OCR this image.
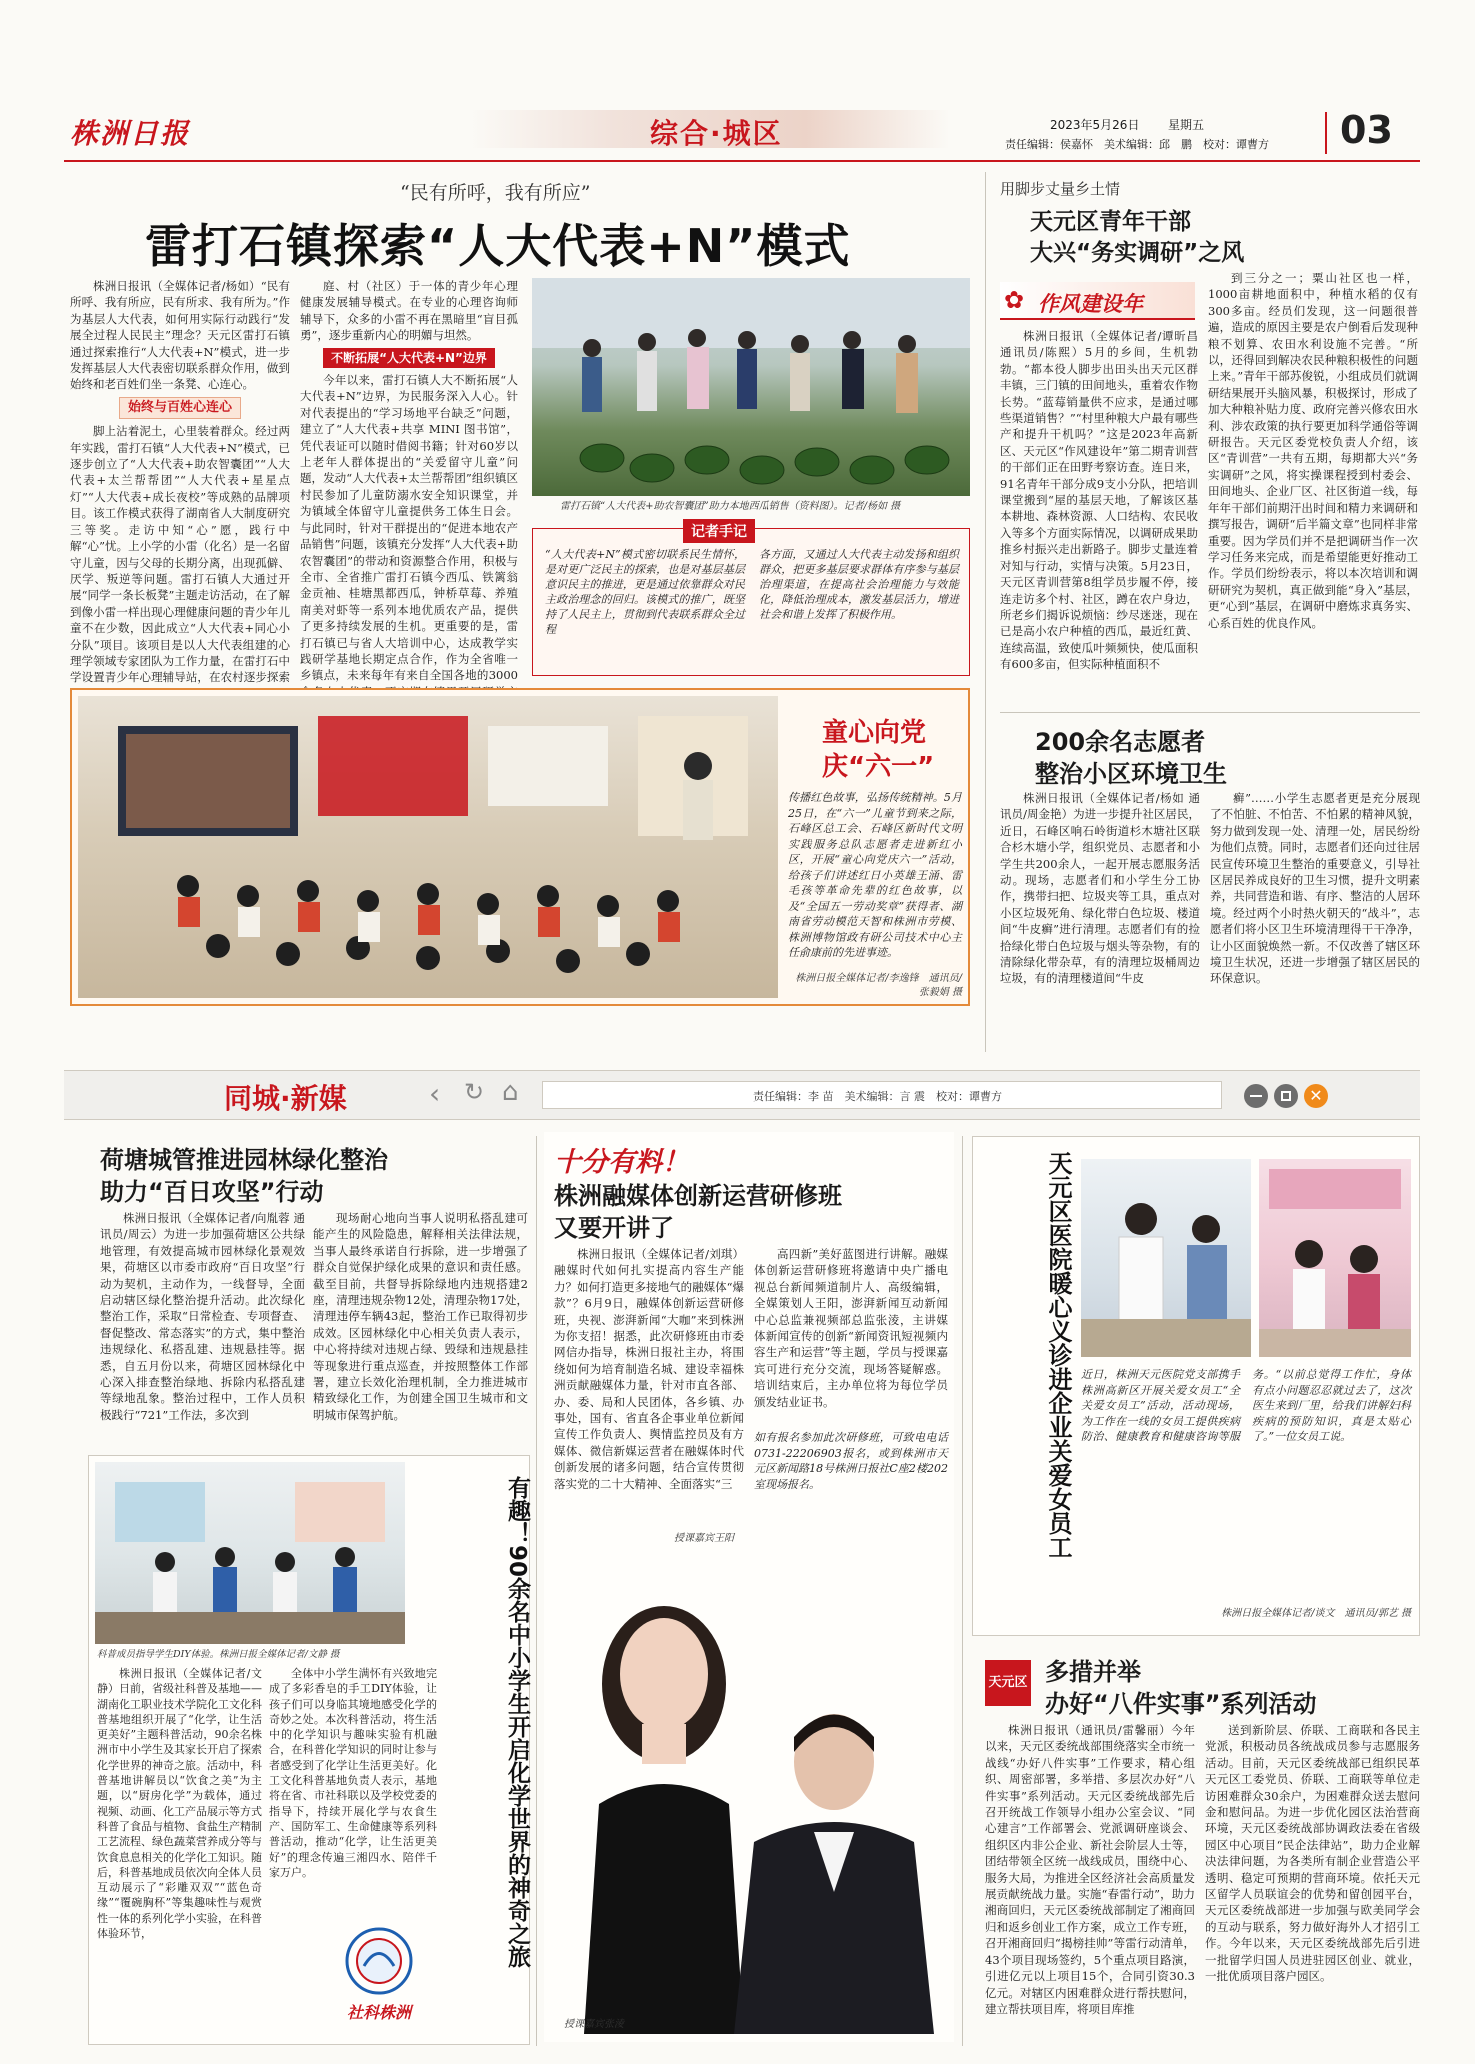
株洲日报	综合·城区	2023年5月26日 星期五
责任编辑：侯嘉怀　美术编辑：邱　鹏　校对：谭曹方 03
“民有所呼，我有所应”
雷打石镇探索“人大代表+N”模式

株洲日报讯（全媒体记者/杨如）“民有所呼、我有所应，民有所求、我有所为。”作为基层人大代表，如何用实际行动践行“发展全过程人民民主”理念？天元区雷打石镇通过探索推行“人大代表+N”模式，进一步发挥基层人大代表密切联系群众作用，做到始终和老百姓们坐一条凳、心连心。

始终与百姓心连心

脚上沾着泥土，心里装着群众。经过两年实践，雷打石镇“人大代表+N”模式，已逐步创立了“人大代表+助农智囊团”“人大代表+太兰帮帮团”“人大代表+星星点灯”“人大代表+成长夜校”等成熟的品牌项目。该工作模式获得了湖南省人大制度研究三等奖。走访中知“心”愿，践行中解“心”忧。上小学的小雷（化名）是一名留守儿童，因与父母的长期分离，出现孤僻、厌学、叛逆等问题。雷打石镇人大通过开展“同学一条长板凳”主题走访活动，在了解到像小雷一样出现心理健康问题的青少年儿童不在少数，因此成立“人大代表+同心小分队”项目。该项目是以人大代表组建的心理学领域专家团队为工作力量，在雷打石中学设置青少年心理辅导站，在农村逐步探索

庭、村（社区）于一体的青少年心理健康发展辅导模式。在专业的心理咨询师辅导下，众多的小雷不再在黑暗里“盲目孤勇”，逐步重新内心的明媚与坦然。

不断拓展“人大代表+N”边界

今年以来，雷打石镇人大不断拓展“人大代表+N”边界，为民服务深入人心。针对代表提出的“学习场地平台缺乏”问题，建立了“人大代表+共享 MINI 图书馆”，凭代表证可以随时借阅书籍；针对60岁以上老年人群体提出的“关爱留守儿童”问题，发动“人大代表+太兰帮帮团”组织镇区村民参加了儿童防溺水安全知识课堂，并为镇域全体留守儿童提供务工体生日会。与此同时，针对干群提出的“促进本地农产品销售”问题，该镇充分发挥“人大代表+助农智囊团”的带动和资源整合作用，积极与全市、全省推广雷打石镇今西瓜、铁篱翁金贡袖、桂塘黑都西瓜，钟桥草莓、养殖南美对虾等一系列本地优质农产品，提供了更多持续发展的生机。更重要的是，雷打石镇已与省人大培训中心，达成教学实践研学基地长期定点合作，作为全省唯一乡镇点，未来每年有来自全国各地的3000

雷打石镇“人大代表+助农智囊团”助力本地西瓜销售（资料图）。记者/杨如 摄
记者手记
“人大代表+N”模式密切联系民生情怀，是对更广泛民主的探索，也是对基层基层意识民主的推进，更是通过依靠群众对民主政治理念的回归。该模式的推广，既坚持了人民主上，贯彻到代表联系群众全过程
各方面，又通过人大代表主动发扬和组织群众，把更多基层要求群体有序参与基层治理渠道，在提高社会治理能力与效能化，降低治理成本，激发基层活力，增进社会和谐上发挥了积极作用。
用脚步丈量乡土情
天元区青年干部
大兴“务实调研”之风
✿ 作风建设年

株洲日报讯（全媒体记者/谭昕昌 通讯员/陈熙）5月的乡间，生机勃勃。“都本役人脚步出田头出天元区群丰镇，三门镇的田间地头，重着农作物长势。“蓝莓销量供不应求，是通过哪些渠道销售？”“村里种粮大户最有哪些产和提升干机吗？”这是2023年高新区、天元区“作风建设年”第二期青训营的干部们正在田野考察访查。连日来，91名青年干部分成9支小分队，把培训课堂搬到“屋的基层天地，了解该区基本耕地、森林资源、人口结构、农民收入等多个方面实际情况，以调研成果助推乡村振兴走出新路子。脚步丈量连着对知与行动，实情与决策。5月23日，天元区青训营第8组学员步履不停，接连走访多个村、社区，蹲在农户身边，所老乡们揭诉说烦恼：纱尽迷迷，现在已是高小农户种植的西瓜，最近红黄、连续高温，致使瓜叶频频快，使瓜面积有600多亩，但实际种植面积不

到三分之一；粟山社区也一样，1000亩耕地面积中，种植水稻的仅有300多亩。经员们发现，这一问题很普遍，造成的原因主要是农户倒看后发现种粮不划算、农田水利设施不完善。“所以，还得回到解决农民种粮积极性的问题上来。”青年干部苏俊锐，小组成员们就调研结果展开头脑风暴，积极探讨，形成了加大种粮补贴力度、政府完善兴修农田水利、涉农政策的执行要更加科学通俗等调研报告。天元区委党校负责人介绍，该区“青训营”一共有五期，每期都大兴“务实调研”之风，将实操课程授到村委会、田间地头、企业厂区、社区街道一线，每年年干部们前期汗出时间和精力来调研和撰写报告，调研“后半篇文章”也同样非常重要。因为学员们并不是把调研当作一次学习任务来完成，而是希望能更好推动工作。学员们纷纷表示，将以本次培训和调研研究为契机，真正做到能“身入”基层，更“心到”基层，在调研中磨炼求真务实、心系百姓的优良作风。

童心向党
庆“六一”
传播红色故事，弘扬传统精神。5月25日，在“六一”儿童节到来之际，石峰区总工会、石峰区新时代文明实践服务总队志愿者走进新红小区，开展“童心向党庆六一”活动，给孩子们讲述红日小英雄王涌、雷毛孩等革命先辈的红色故事，以及“全国五一劳动奖章”获得者、湖南省劳动模范天智和株洲市劳模、株洲博物馆政有研公司技术中心主任俞康前的先进事迹。
株洲日报全媒体记者/李逸锋　通讯员/张毅娟 摄
200余名志愿者
整治小区环境卫生

株洲日报讯（全媒体记者/杨如 通讯员/周金艳）为进一步提升社区居民，近日，石峰区响石岭街道杉木塘社区联合杉木塘小学，组织党员、志愿者和小学生共200余人，一起开展志愿服务活动。现场，志愿者们和小学生分工协作，携带扫把、垃圾夹等工具，重点对小区垃圾死角、绿化带白色垃圾、楼道间“牛皮癣”进行清理。志愿者们有的捡拾绿化带白色垃圾与烟头等杂物，有的清除绿化带杂草，有的清理垃圾桶周边垃圾，有的清理楼道间“牛皮

癣”……小学生志愿者更是充分展现了不怕脏、不怕苦、不怕累的精神风貌，努力做到发现一处、清理一处，居民纷纷为他们点赞。同时，志愿者们还向过往居民宣传环境卫生整治的重要意义，引导社区居民养成良好的卫生习惯，提升文明素养，共同营造和谐、有序、整洁的人居环境。经过两个小时热火朝天的“战斗”，志愿者们将小区卫生环境清理得干干净净，让小区面貌焕然一新。不仅改善了辖区环境卫生状况，还进一步增强了辖区居民的环保意识。

同城·新媒	‹ ↻ ⌂	责任编辑：李 苗　美术编辑：言 震　校对：谭曹方	✕
荷塘城管推进园林绿化整治
助力“百日攻坚”行动

株洲日报讯（全媒体记者/向胤蓉 通讯员/周云）为进一步加强荷塘区公共绿地管理，有效提高城市园林绿化景观效果，荷塘区以市委市政府“百日攻坚”行动为契机，主动作为，一线督导，全面启动辖区绿化整治提升活动。此次绿化整治工作，采取“日常检查、专项督查、督促整改、常态落实”的方式，集中整治违规绿化、私搭乱建、违规悬挂等。据悉，自五月份以来，荷塘区园林绿化中心深入排查整治绿地、拆除内私搭乱建等绿地乱象。整治过程中，工作人员积极践行“721”工作法，多次到

现场耐心地向当事人说明私搭乱建可能产生的风险隐患，解释相关法律法规，当事人最终承诺自行拆除，进一步增强了群众自觉保护绿化成果的意识和责任感。截至目前，共督导拆除绿地内违规搭建2座，清理违规杂物12处，清理杂物17处，清理违停车辆43起，整治工作已取得初步成效。区园林绿化中心相关负责人表示，中心将持续对违规占绿、毁绿和违规悬挂等现象进行重点巡查，并按照整体工作部署，建立长效化治理机制，全力推进城市精致绿化工作，为创建全国卫生城市和文明城市保驾护航。

科普成员指导学生DIY体验。株洲日报全媒体记者/文静 摄	有趣！90余名中小学生开启化学世界的神奇之旅

株洲日报讯（全媒体记者/文静）日前，省级社科普及基地——湖南化工职业技术学院化工文化科普基地组织开展了“化学，让生活更美好”主题科普活动，90余名株洲市中小学生及其家长开启了探索化学世界的神奇之旅。活动中，科普基地讲解员以“饮食之美”为主题，以“厨房化学”为载体，通过视频、动画、化工产品展示等方式科普了食品与植物、食盐生产精制工艺流程、绿色蔬菜营养成分等与饮食息息相关的化学化工知识。随后，科普基地成员依次向全体人员互动展示了“彩雕双双”“蓝色奇缘”“覆碗胸杯”等集趣味性与观赏性一体的系列化学小实验，在科普体验环节，

全体中小学生满怀有兴致地完成了多彩香皂的手工DIY体验，让孩子们可以身临其境地感受化学的奇妙之处。本次科普活动，将生活中的化学知识与趣味实验有机融合，在科普化学知识的同时让参与者感受到了化学让生活更美好。化工文化科普基地负责人表示，基地将在省、市社科联以及学校党委的指导下，持续开展化学与农食生产、国防军工、生命健康等系列科普活动，推动“化学，让生活更美好”的理念传遍三湘四水、陪伴千家万户。

社科株洲
十分有料！
株洲融媒体创新运营研修班
又要开讲了

株洲日报讯（全媒体记者/刘琪）融媒时代如何扎实提高内容生产能力？如何打造更多接地气的融媒体“爆款”？6月9日，融媒体创新运营研修班，央视、澎湃新闻“大咖”来到株洲为你支招！据悉，此次研修班由市委网信办指导，株洲日报社主办，将围绕如何为培育制造名城、建设幸福株洲贡献融媒体力量，针对市直各部、办、委、局和人民团体，各乡镇、办事处，国有、省直各企事业单位新闻宣传工作负责人、舆情监控员及有方媒体、微信新媒运营者在融媒体时代创新发展的诸多问题，结合宣传贯彻落实党的二十大精神、全面落实“三

高四新”美好蓝图进行讲解。融媒体创新运营研修班将邀请中央广播电视总台新闻频道制片人、高级编辑，全媒策划人王阳，澎湃新闻互动新闻中心总监兼视频部总监张淩，主讲媒体新闻宣传的创新“新闻资讯短视频内容生产和运营”等主题，学员与授课嘉宾可进行充分交流，现场答疑解惑。培训结束后，主办单位将为每位学员颁发结业证书。

如有报名参加此次研修班，可致电电话0731-22206903报名，或到株洲市天元区新闻路18号株洲日报社C座2楼202室现场报名。
授课嘉宾王阳
授课嘉宾张淩
天元区医院暖心义诊进企业关爱女员工 近日，株洲天元医院党支部携手株洲高新区开展关爱女员工“全关爱女员工”活动，活动现场，为工作在一线的女员工提供疾病防治、健康教育和健康咨询等服务。“以前总觉得工作忙，身体有点小问题忍忍就过去了，这次医生来到厂里，给我们讲解妇科疾病的预防知识，真是太贴心了。”一位女员工说。
株洲日报全媒体记者/谈文　通讯员/郭艺 摄
天元区 多措并举
办好“八件实事”系列活动

株洲日报讯（通讯员/雷馨丽）今年以来，天元区委统战部围绕落实全市统一战线“办好八件实事”工作要求，精心组织、周密部署，多举措、多层次办好“八件实事”系列活动。天元区委统战部先后召开统战工作领导小组办公室会议、“同心建言”工作部署会、党派调研座谈会、组织区内非公企业、新社会阶层人士等，团结带领全区统一战线成员，围绕中心、服务大局，为推进全区经济社会高质量发展贡献统战力量。实施“春雷行动”，助力湘商回归，天元区委统战部制定了湘商回归和返乡创业工作方案，成立工作专班，召开湘商回归“揭榜挂帅”等雷行动清单，43个项目现场签约，5个重点项目路演，引进亿元以上项目15个，合同引资30.3亿元。对辖区内困难群众进行帮扶慰问，建立帮扶项目库，将项目库推

送到新阶层、侨联、工商联和各民主党派，积极动员各统战成员参与志愿服务活动。目前，天元区委统战部已组织民革天元区工委党员、侨联、工商联等单位走访困难群众30余户，为困难群众送去慰问金和慰问品。为进一步优化园区法治营商环境，天元区委统战部协调政法委在省级园区中心项目“民企法律站”，助力企业解决法律问题，为各类所有制企业营造公平透明、稳定可预期的营商环境。依托天元区留学人员联谊会的优势和留创园平台，天元区委统战部进一步加强与欧美同学会的互动与联系，努力做好海外人才招引工作。今年以来，天元区委统战部先后引进一批留学归国人员进驻园区创业、就业，一批优质项目落户园区。
